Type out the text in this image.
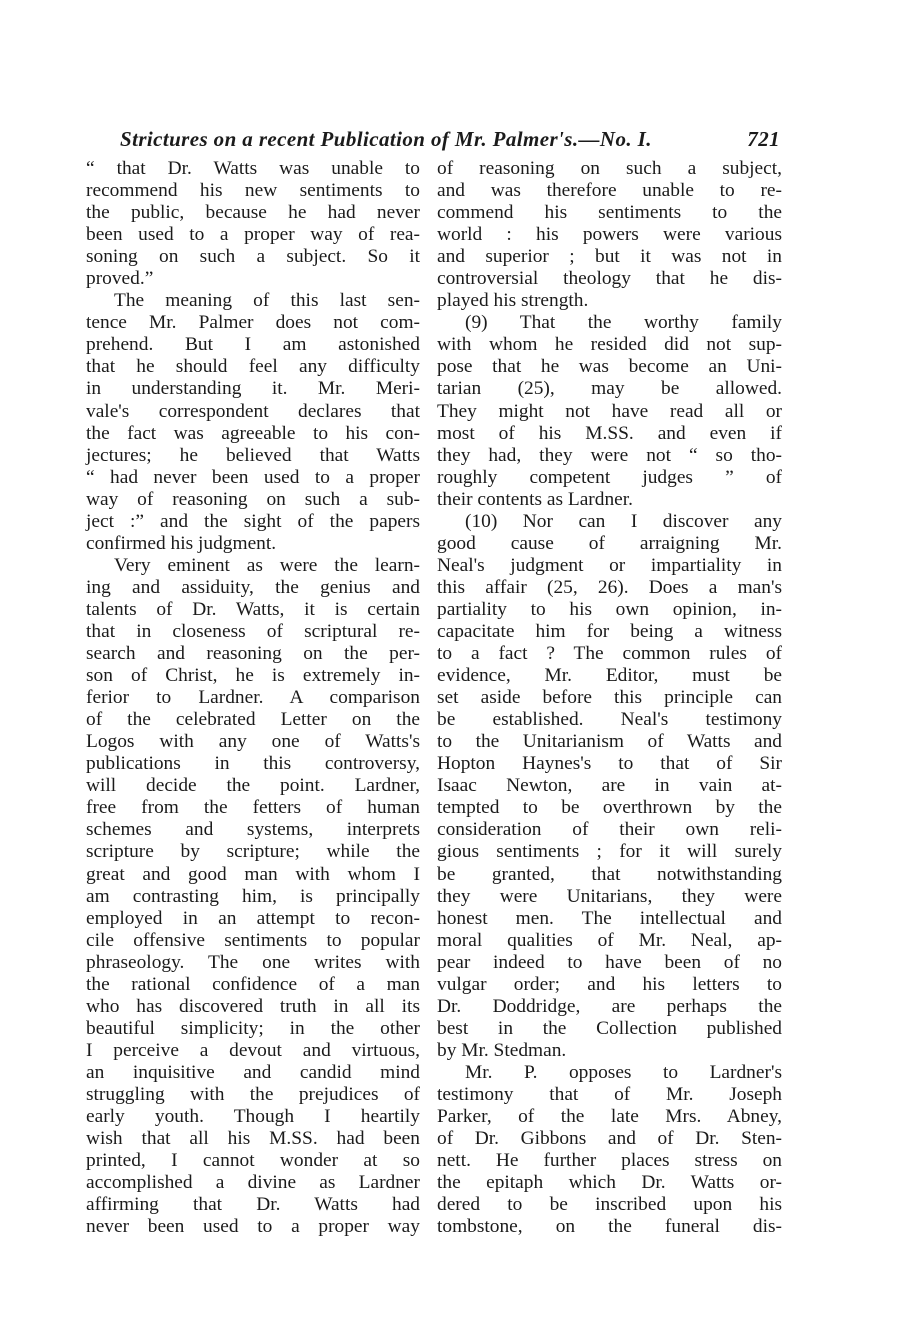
Strictures on a recent Publication of Mr. Palmer's.—No. I.	721
“ that Dr. Watts was unable to
recommend his new sentiments to
the public, because he had never
been used to a proper way of rea-
soning on such a subject. So it
proved.”
The meaning of this last sen-
tence Mr. Palmer does not com-
prehend. But I am astonished
that he should feel any difficulty
in understanding it. Mr. Meri-
vale's correspondent declares that
the fact was agreeable to his con-
jectures; he believed that Watts
“ had never been used to a proper
way of reasoning on such a sub-
ject :” and the sight of the papers
confirmed his judgment.
Very eminent as were the learn-
ing and assiduity, the genius and
talents of Dr. Watts, it is certain
that in closeness of scriptural re-
search and reasoning on the per-
son of Christ, he is extremely in-
ferior to Lardner. A comparison
of the celebrated Letter on the
Logos with any one of Watts's
publications in this controversy,
will decide the point. Lardner,
free from the fetters of human
schemes and systems, interprets
scripture by scripture; while the
great and good man with whom I
am contrasting him, is principally
employed in an attempt to recon-
cile offensive sentiments to popular
phraseology. The one writes with
the rational confidence of a man
who has discovered truth in all its
beautiful simplicity; in the other
I perceive a devout and virtuous,
an inquisitive and candid mind
struggling with the prejudices of
early youth. Though I heartily
wish that all his M.SS. had been
printed, I cannot wonder at so
accomplished a divine as Lardner
affirming that Dr. Watts had
never been used to a proper way
of reasoning on such a subject,
and was therefore unable to re-
commend his sentiments to the
world : his powers were various
and superior ; but it was not in
controversial theology that he dis-
played his strength.
(9) That the worthy family
with whom he resided did not sup-
pose that he was become an Uni-
tarian (25), may be allowed.
They might not have read all or
most of his M.SS. and even if
they had, they were not “ so tho-
roughly competent judges ” of
their contents as Lardner.
(10) Nor can I discover any
good cause of arraigning Mr.
Neal's judgment or impartiality in
this affair (25, 26). Does a man's
partiality to his own opinion, in-
capacitate him for being a witness
to a fact ? The common rules of
evidence, Mr. Editor, must be
set aside before this principle can
be established. Neal's testimony
to the Unitarianism of Watts and
Hopton Haynes's to that of Sir
Isaac Newton, are in vain at-
tempted to be overthrown by the
consideration of their own reli-
gious sentiments ; for it will surely
be granted, that notwithstanding
they were Unitarians, they were
honest men. The intellectual and
moral qualities of Mr. Neal, ap-
pear indeed to have been of no
vulgar order; and his letters to
Dr. Doddridge, are perhaps the
best in the Collection published
by Mr. Stedman.
Mr. P. opposes to Lardner's
testimony that of Mr. Joseph
Parker, of the late Mrs. Abney,
of Dr. Gibbons and of Dr. Sten-
nett. He further places stress on
the epitaph which Dr. Watts or-
dered to be inscribed upon his
tombstone, on the funeral dis-
